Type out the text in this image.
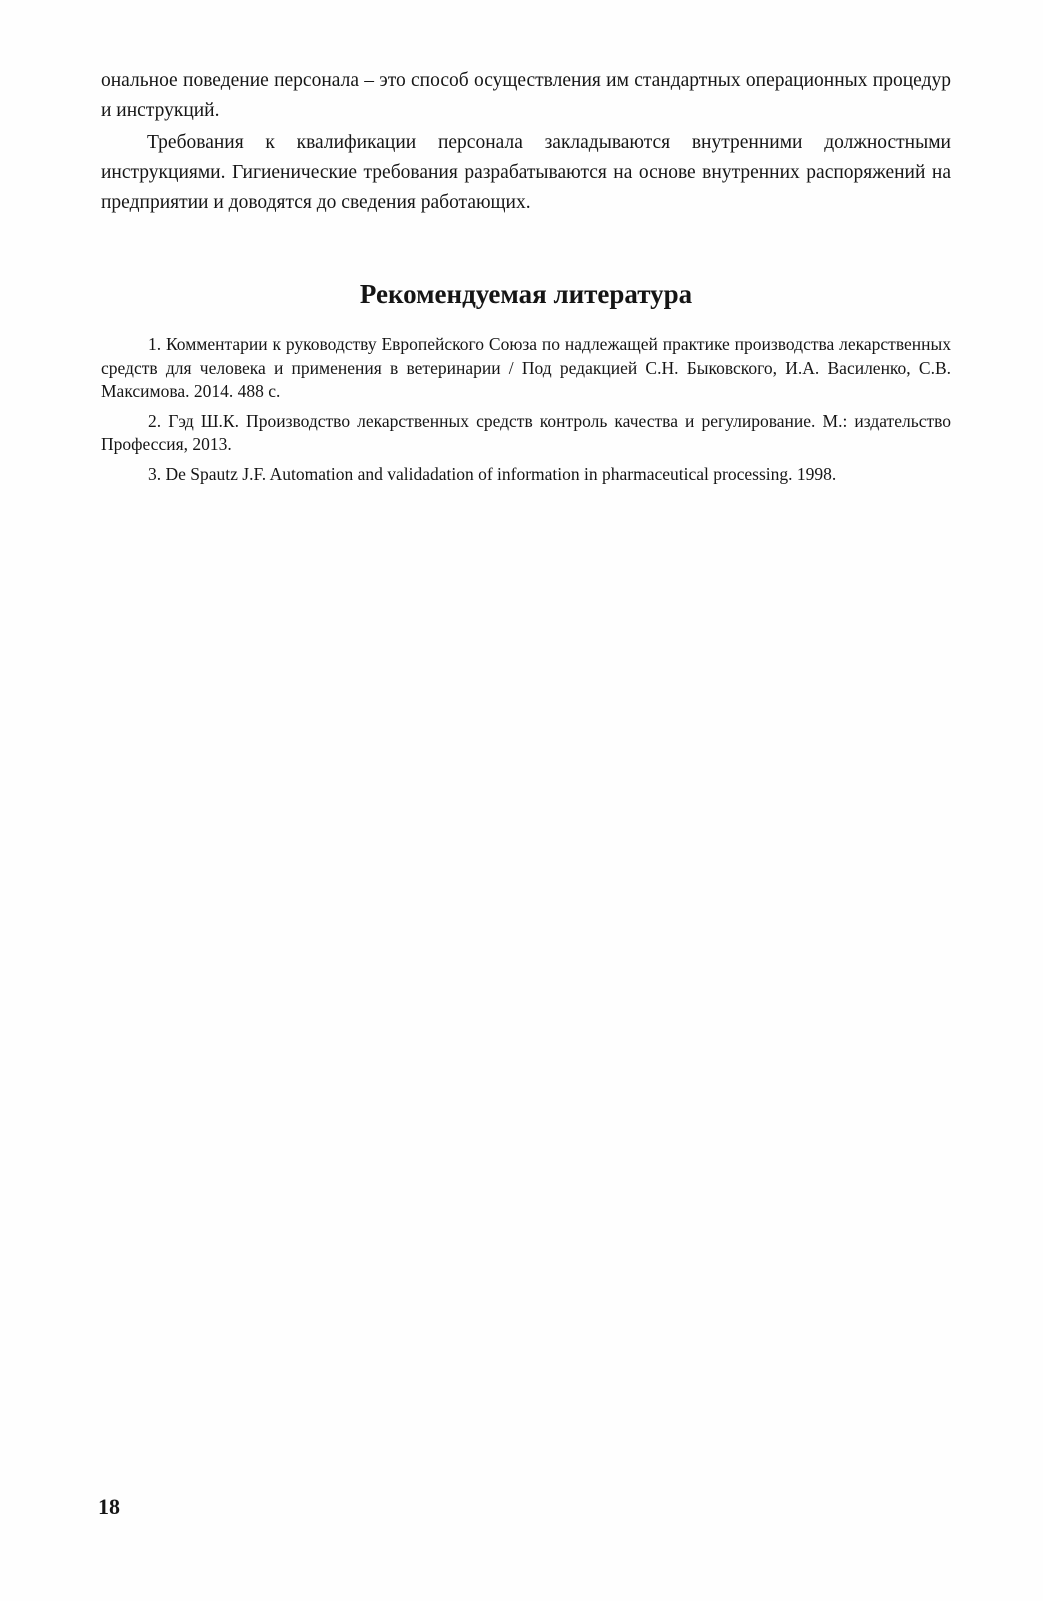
ональное поведение персонала – это способ осуществления им стандартных операционных процедур и инструкций.

Требования к квалификации персонала закладываются внутренними должностными инструкциями. Гигиенические требования разрабатываются на основе внутренних распоряжений на предприятии и доводятся до сведения работающих.

Рекомендуемая литература
1. Комментарии к руководству Европейского Союза по надлежащей практике производства лекарственных средств для человека и применения в ветеринарии / Под редакцией С.Н. Быковского, И.А. Василенко, С.В. Максимова. 2014. 488 с.
2. Гэд Ш.К. Производство лекарственных средств контроль качества и регулирование. М.: издательство Профессия, 2013.
3. De Spautz J.F. Automation and validadation of information in pharmaceutical processing. 1998.
18
